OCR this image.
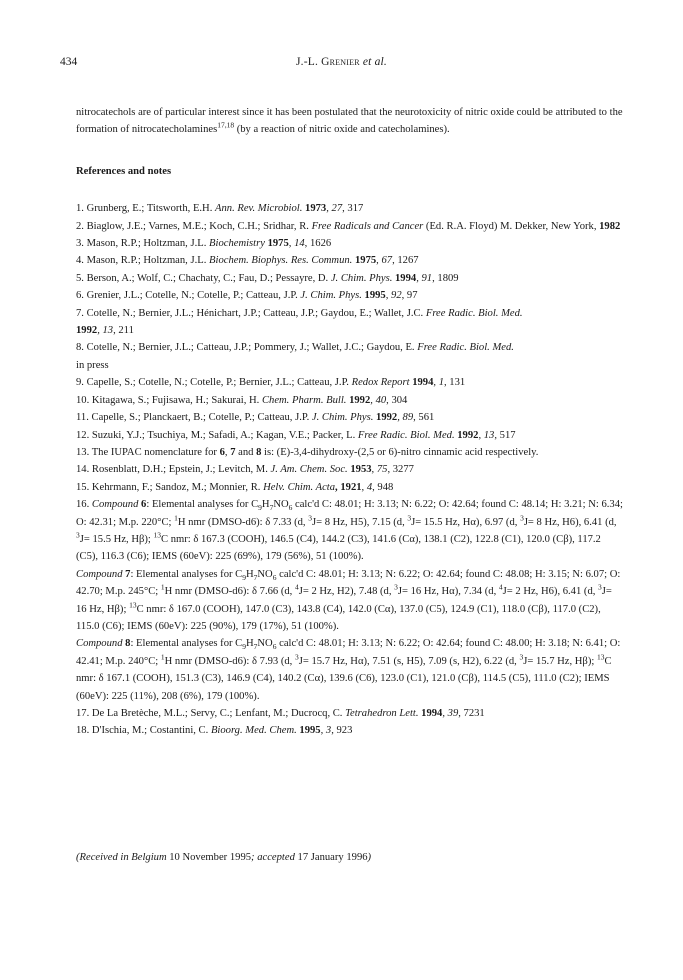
434	J.-L. Grenier et al.

nitrocatechols are of particular interest since it has been postulated that the neurotoxicity of nitric oxide could be attributed to the formation of nitrocatecholamines$^{17,18}$ (by a reaction of nitric oxide and catecholamines).

References and notes

1. Grunberg, E.; Titsworth, E.H. Ann. Rev. Microbiol. 1973, 27, 317

2. Biaglow, J.E.; Varnes, M.E.; Koch, C.H.; Sridhar, R. Free Radicals and Cancer (Ed. R.A. Floyd) M. Dekker, New York, 1982

3. Mason, R.P.; Holtzman, J.L. Biochemistry 1975, 14, 1626

4. Mason, R.P.; Holtzman, J.L. Biochem. Biophys. Res. Commun. 1975, 67, 1267

5. Berson, A.; Wolf, C.; Chachaty, C.; Fau, D.; Pessayre, D. J. Chim. Phys. 1994, 91, 1809

6. Grenier, J.L.; Cotelle, N.; Cotelle, P.; Catteau, J.P. J. Chim. Phys. 1995, 92, 97

7. Cotelle, N.; Bernier, J.L.; Hénichart, J.P.; Catteau, J.P.; Gaydou, E.; Wallet, J.C. Free Radic. Biol. Med.
1992, 13, 211

8. Cotelle, N.; Bernier, J.L.; Catteau, J.P.; Pommery, J.; Wallet, J.C.; Gaydou, E. Free Radic. Biol. Med.
in press

9. Capelle, S.; Cotelle, N.; Cotelle, P.; Bernier, J.L.; Catteau, J.P. Redox Report 1994, 1, 131

10. Kitagawa, S.; Fujisawa, H.; Sakurai, H. Chem. Pharm. Bull. 1992, 40, 304

11. Capelle, S.; Planckaert, B.; Cotelle, P.; Catteau, J.P. J. Chim. Phys. 1992, 89, 561

12. Suzuki, Y.J.; Tsuchiya, M.; Safadi, A.; Kagan, V.E.; Packer, L. Free Radic. Biol. Med. 1992, 13, 517

13. The IUPAC nomenclature for 6, 7 and 8 is: (E)-3,4-dihydroxy-(2,5 or 6)-nitro cinnamic acid respectively.

14. Rosenblatt, D.H.; Epstein, J.; Levitch, M. J. Am. Chem. Soc. 1953, 75, 3277

15. Kehrmann, F.; Sandoz, M.; Monnier, R. Helv. Chim. Acta, 1921, 4, 948

16. Compound 6: Elemental analyses for $C_9H_7NO_6$ calc'd C: 48.01; H: 3.13; N: 6.22; O: 42.64; found C: 48.14; H: 3.21; N: 6.34; O: 42.31; M.p. 220°C; $^1$H nmr (DMSO-d6): δ 7.33 (d, $^3$J= 8 Hz, H5), 7.15 (d, $^3$J= 15.5 Hz, Hα), 6.97 (d, $^3$J= 8 Hz, H6), 6.41 (d, $^3$J= 15.5 Hz, Hβ); $^{13}$C nmr: δ 167.3 (COOH), 146.5 (C4), 144.2 (C3), 141.6 (Cα), 138.1 (C2), 122.8 (C1), 120.0 (Cβ), 117.2 (C5), 116.3 (C6); IEMS (60eV): 225 (69%), 179 (56%), 51 (100%).

Compound 7: Elemental analyses for $C_9H_7NO_6$ calc'd C: 48.01; H: 3.13; N: 6.22; O: 42.64; found C: 48.08; H: 3.15; N: 6.07; O: 42.70; M.p. 245°C; $^1$H nmr (DMSO-d6): δ 7.66 (d, $^4$J= 2 Hz, H2), 7.48 (d, $^3$J= 16 Hz, Hα), 7.34 (d, $^4$J= 2 Hz, H6), 6.41 (d, $^3$J= 16 Hz, Hβ); $^{13}$C nmr: δ 167.0 (COOH), 147.0 (C3), 143.8 (C4), 142.0 (Cα), 137.0 (C5), 124.9 (C1), 118.0 (Cβ), 117.0 (C2), 115.0 (C6); IEMS (60eV): 225 (90%), 179 (17%), 51 (100%).

Compound 8: Elemental analyses for $C_9H_7NO_6$ calc'd C: 48.01; H: 3.13; N: 6.22; O: 42.64; found C: 48.00; H: 3.18; N: 6.41; O: 42.41; M.p. 240°C; $^1$H nmr (DMSO-d6): δ 7.93 (d, $^3$J= 15.7 Hz, Hα), 7.51 (s, H5), 7.09 (s, H2), 6.22 (d, $^3$J= 15.7 Hz, Hβ); $^{13}$C nmr: δ 167.1 (COOH), 151.3 (C3), 146.9 (C4), 140.2 (Cα), 139.6 (C6), 123.0 (C1), 121.0 (Cβ), 114.5 (C5), 111.0 (C2); IEMS (60eV): 225 (11%), 208 (6%), 179 (100%).

17. De La Bretèche, M.L.; Servy, C.; Lenfant, M.; Ducrocq, C. Tetrahedron Lett. 1994, 39, 7231

18. D'Ischia, M.; Costantini, C. Bioorg. Med. Chem. 1995, 3, 923

(Received in Belgium 10 November 1995; accepted 17 January 1996)
